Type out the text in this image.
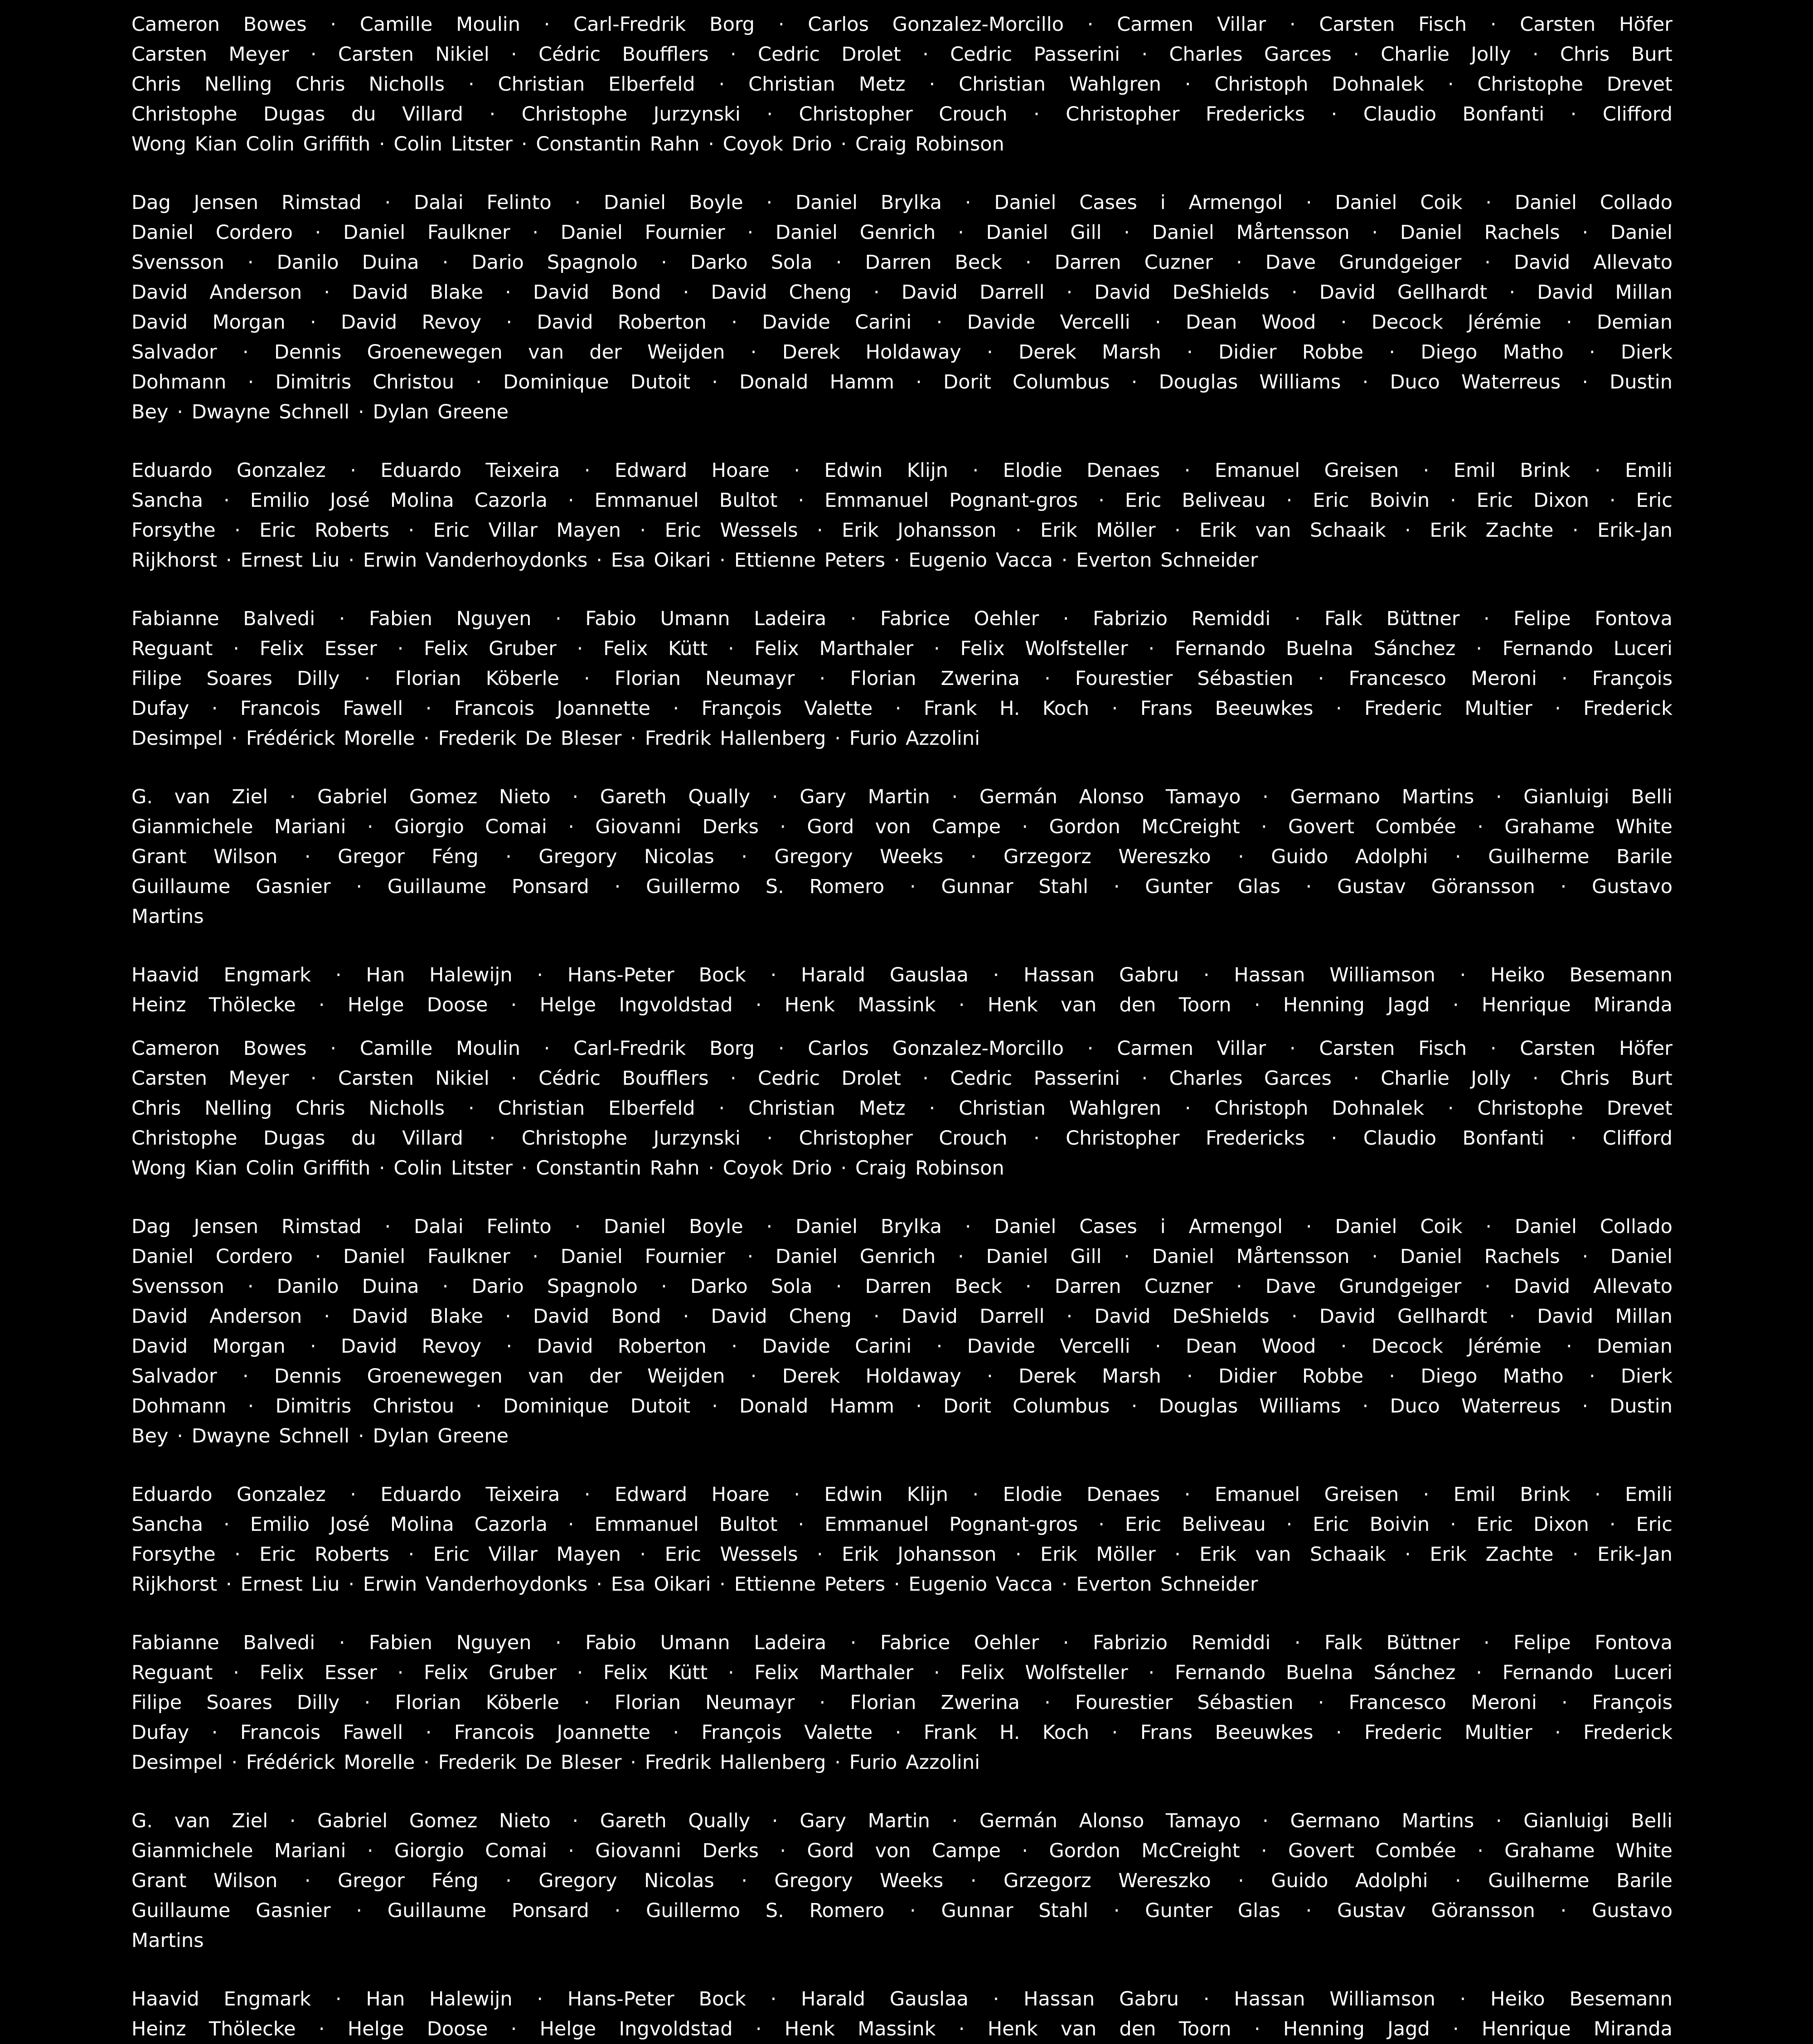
Cameron Bowes · Camille Moulin · Carl-Fredrik Borg · Carlos Gonzalez-Morcillo · Carmen Villar · Carsten Fisch · Carsten Höfer
Carsten Meyer · Carsten Nikiel · Cédric Boufflers · Cedric Drolet · Cedric Passerini · Charles Garces · Charlie Jolly · Chris Burt
Chris Nelling Chris Nicholls · Christian Elberfeld · Christian Metz · Christian Wahlgren · Christoph Dohnalek · Christophe Drevet
Christophe Dugas du Villard · Christophe Jurzynski · Christopher Crouch · Christopher Fredericks · Claudio Bonfanti · Clifford
Wong Kian Colin Griffith · Colin Litster · Constantin Rahn · Coyok Drio · Craig Robinson
Dag Jensen Rimstad · Dalai Felinto · Daniel Boyle · Daniel Brylka · Daniel Cases i Armengol · Daniel Coik · Daniel Collado
Daniel Cordero · Daniel Faulkner · Daniel Fournier · Daniel Genrich · Daniel Gill · Daniel Mårtensson · Daniel Rachels · Daniel
Svensson · Danilo Duina · Dario Spagnolo · Darko Sola · Darren Beck · Darren Cuzner · Dave Grundgeiger · David Allevato
David Anderson · David Blake · David Bond · David Cheng · David Darrell · David DeShields · David Gellhardt · David Millan
David Morgan · David Revoy · David Roberton · Davide Carini · Davide Vercelli · Dean Wood · Decock Jérémie · Demian
Salvador · Dennis Groenewegen van der Weijden · Derek Holdaway · Derek Marsh · Didier Robbe · Diego Matho · Dierk
Dohmann · Dimitris Christou · Dominique Dutoit · Donald Hamm · Dorit Columbus · Douglas Williams · Duco Waterreus · Dustin
Bey · Dwayne Schnell · Dylan Greene
Eduardo Gonzalez · Eduardo Teixeira · Edward Hoare · Edwin Klijn · Elodie Denaes · Emanuel Greisen · Emil Brink · Emili
Sancha · Emilio José Molina Cazorla · Emmanuel Bultot · Emmanuel Pognant-gros · Eric Beliveau · Eric Boivin · Eric Dixon · Eric
Forsythe · Eric Roberts · Eric Villar Mayen · Eric Wessels · Erik Johansson · Erik Möller · Erik van Schaaik · Erik Zachte · Erik-Jan
Rijkhorst · Ernest Liu · Erwin Vanderhoydonks · Esa Oikari · Ettienne Peters · Eugenio Vacca · Everton Schneider
Fabianne Balvedi · Fabien Nguyen · Fabio Umann Ladeira · Fabrice Oehler · Fabrizio Remiddi · Falk Büttner · Felipe Fontova
Reguant · Felix Esser · Felix Gruber · Felix Kütt · Felix Marthaler · Felix Wolfsteller · Fernando Buelna Sánchez · Fernando Luceri
Filipe Soares Dilly · Florian Köberle · Florian Neumayr · Florian Zwerina · Fourestier Sébastien · Francesco Meroni · François
Dufay · Francois Fawell · Francois Joannette · François Valette · Frank H. Koch · Frans Beeuwkes · Frederic Multier · Frederick
Desimpel · Frédérick Morelle · Frederik De Bleser · Fredrik Hallenberg · Furio Azzolini
G. van Ziel · Gabriel Gomez Nieto · Gareth Qually · Gary Martin · Germán Alonso Tamayo · Germano Martins · Gianluigi Belli
Gianmichele Mariani · Giorgio Comai · Giovanni Derks · Gord von Campe · Gordon McCreight · Govert Combée · Grahame White
Grant Wilson · Gregor Féng · Gregory Nicolas · Gregory Weeks · Grzegorz Wereszko · Guido Adolphi · Guilherme Barile
Guillaume Gasnier · Guillaume Ponsard · Guillermo S. Romero · Gunnar Stahl · Gunter Glas · Gustav Göransson · Gustavo
Martins
Haavid Engmark · Han Halewijn · Hans-Peter Bock · Harald Gauslaa · Hassan Gabru · Hassan Williamson · Heiko Besemann
Heinz Thölecke · Helge Doose · Helge Ingvoldstad · Henk Massink · Henk van den Toorn · Henning Jagd · Henrique Miranda
Cameron Bowes · Camille Moulin · Carl-Fredrik Borg · Carlos Gonzalez-Morcillo · Carmen Villar · Carsten Fisch · Carsten Höfer
Carsten Meyer · Carsten Nikiel · Cédric Boufflers · Cedric Drolet · Cedric Passerini · Charles Garces · Charlie Jolly · Chris Burt
Chris Nelling Chris Nicholls · Christian Elberfeld · Christian Metz · Christian Wahlgren · Christoph Dohnalek · Christophe Drevet
Christophe Dugas du Villard · Christophe Jurzynski · Christopher Crouch · Christopher Fredericks · Claudio Bonfanti · Clifford
Wong Kian Colin Griffith · Colin Litster · Constantin Rahn · Coyok Drio · Craig Robinson
Dag Jensen Rimstad · Dalai Felinto · Daniel Boyle · Daniel Brylka · Daniel Cases i Armengol · Daniel Coik · Daniel Collado
Daniel Cordero · Daniel Faulkner · Daniel Fournier · Daniel Genrich · Daniel Gill · Daniel Mårtensson · Daniel Rachels · Daniel
Svensson · Danilo Duina · Dario Spagnolo · Darko Sola · Darren Beck · Darren Cuzner · Dave Grundgeiger · David Allevato
David Anderson · David Blake · David Bond · David Cheng · David Darrell · David DeShields · David Gellhardt · David Millan
David Morgan · David Revoy · David Roberton · Davide Carini · Davide Vercelli · Dean Wood · Decock Jérémie · Demian
Salvador · Dennis Groenewegen van der Weijden · Derek Holdaway · Derek Marsh · Didier Robbe · Diego Matho · Dierk
Dohmann · Dimitris Christou · Dominique Dutoit · Donald Hamm · Dorit Columbus · Douglas Williams · Duco Waterreus · Dustin
Bey · Dwayne Schnell · Dylan Greene
Eduardo Gonzalez · Eduardo Teixeira · Edward Hoare · Edwin Klijn · Elodie Denaes · Emanuel Greisen · Emil Brink · Emili
Sancha · Emilio José Molina Cazorla · Emmanuel Bultot · Emmanuel Pognant-gros · Eric Beliveau · Eric Boivin · Eric Dixon · Eric
Forsythe · Eric Roberts · Eric Villar Mayen · Eric Wessels · Erik Johansson · Erik Möller · Erik van Schaaik · Erik Zachte · Erik-Jan
Rijkhorst · Ernest Liu · Erwin Vanderhoydonks · Esa Oikari · Ettienne Peters · Eugenio Vacca · Everton Schneider
Fabianne Balvedi · Fabien Nguyen · Fabio Umann Ladeira · Fabrice Oehler · Fabrizio Remiddi · Falk Büttner · Felipe Fontova
Reguant · Felix Esser · Felix Gruber · Felix Kütt · Felix Marthaler · Felix Wolfsteller · Fernando Buelna Sánchez · Fernando Luceri
Filipe Soares Dilly · Florian Köberle · Florian Neumayr · Florian Zwerina · Fourestier Sébastien · Francesco Meroni · François
Dufay · Francois Fawell · Francois Joannette · François Valette · Frank H. Koch · Frans Beeuwkes · Frederic Multier · Frederick
Desimpel · Frédérick Morelle · Frederik De Bleser · Fredrik Hallenberg · Furio Azzolini
G. van Ziel · Gabriel Gomez Nieto · Gareth Qually · Gary Martin · Germán Alonso Tamayo · Germano Martins · Gianluigi Belli
Gianmichele Mariani · Giorgio Comai · Giovanni Derks · Gord von Campe · Gordon McCreight · Govert Combée · Grahame White
Grant Wilson · Gregor Féng · Gregory Nicolas · Gregory Weeks · Grzegorz Wereszko · Guido Adolphi · Guilherme Barile
Guillaume Gasnier · Guillaume Ponsard · Guillermo S. Romero · Gunnar Stahl · Gunter Glas · Gustav Göransson · Gustavo
Martins
Haavid Engmark · Han Halewijn · Hans-Peter Bock · Harald Gauslaa · Hassan Gabru · Hassan Williamson · Heiko Besemann
Heinz Thölecke · Helge Doose · Helge Ingvoldstad · Henk Massink · Henk van den Toorn · Henning Jagd · Henrique Miranda
